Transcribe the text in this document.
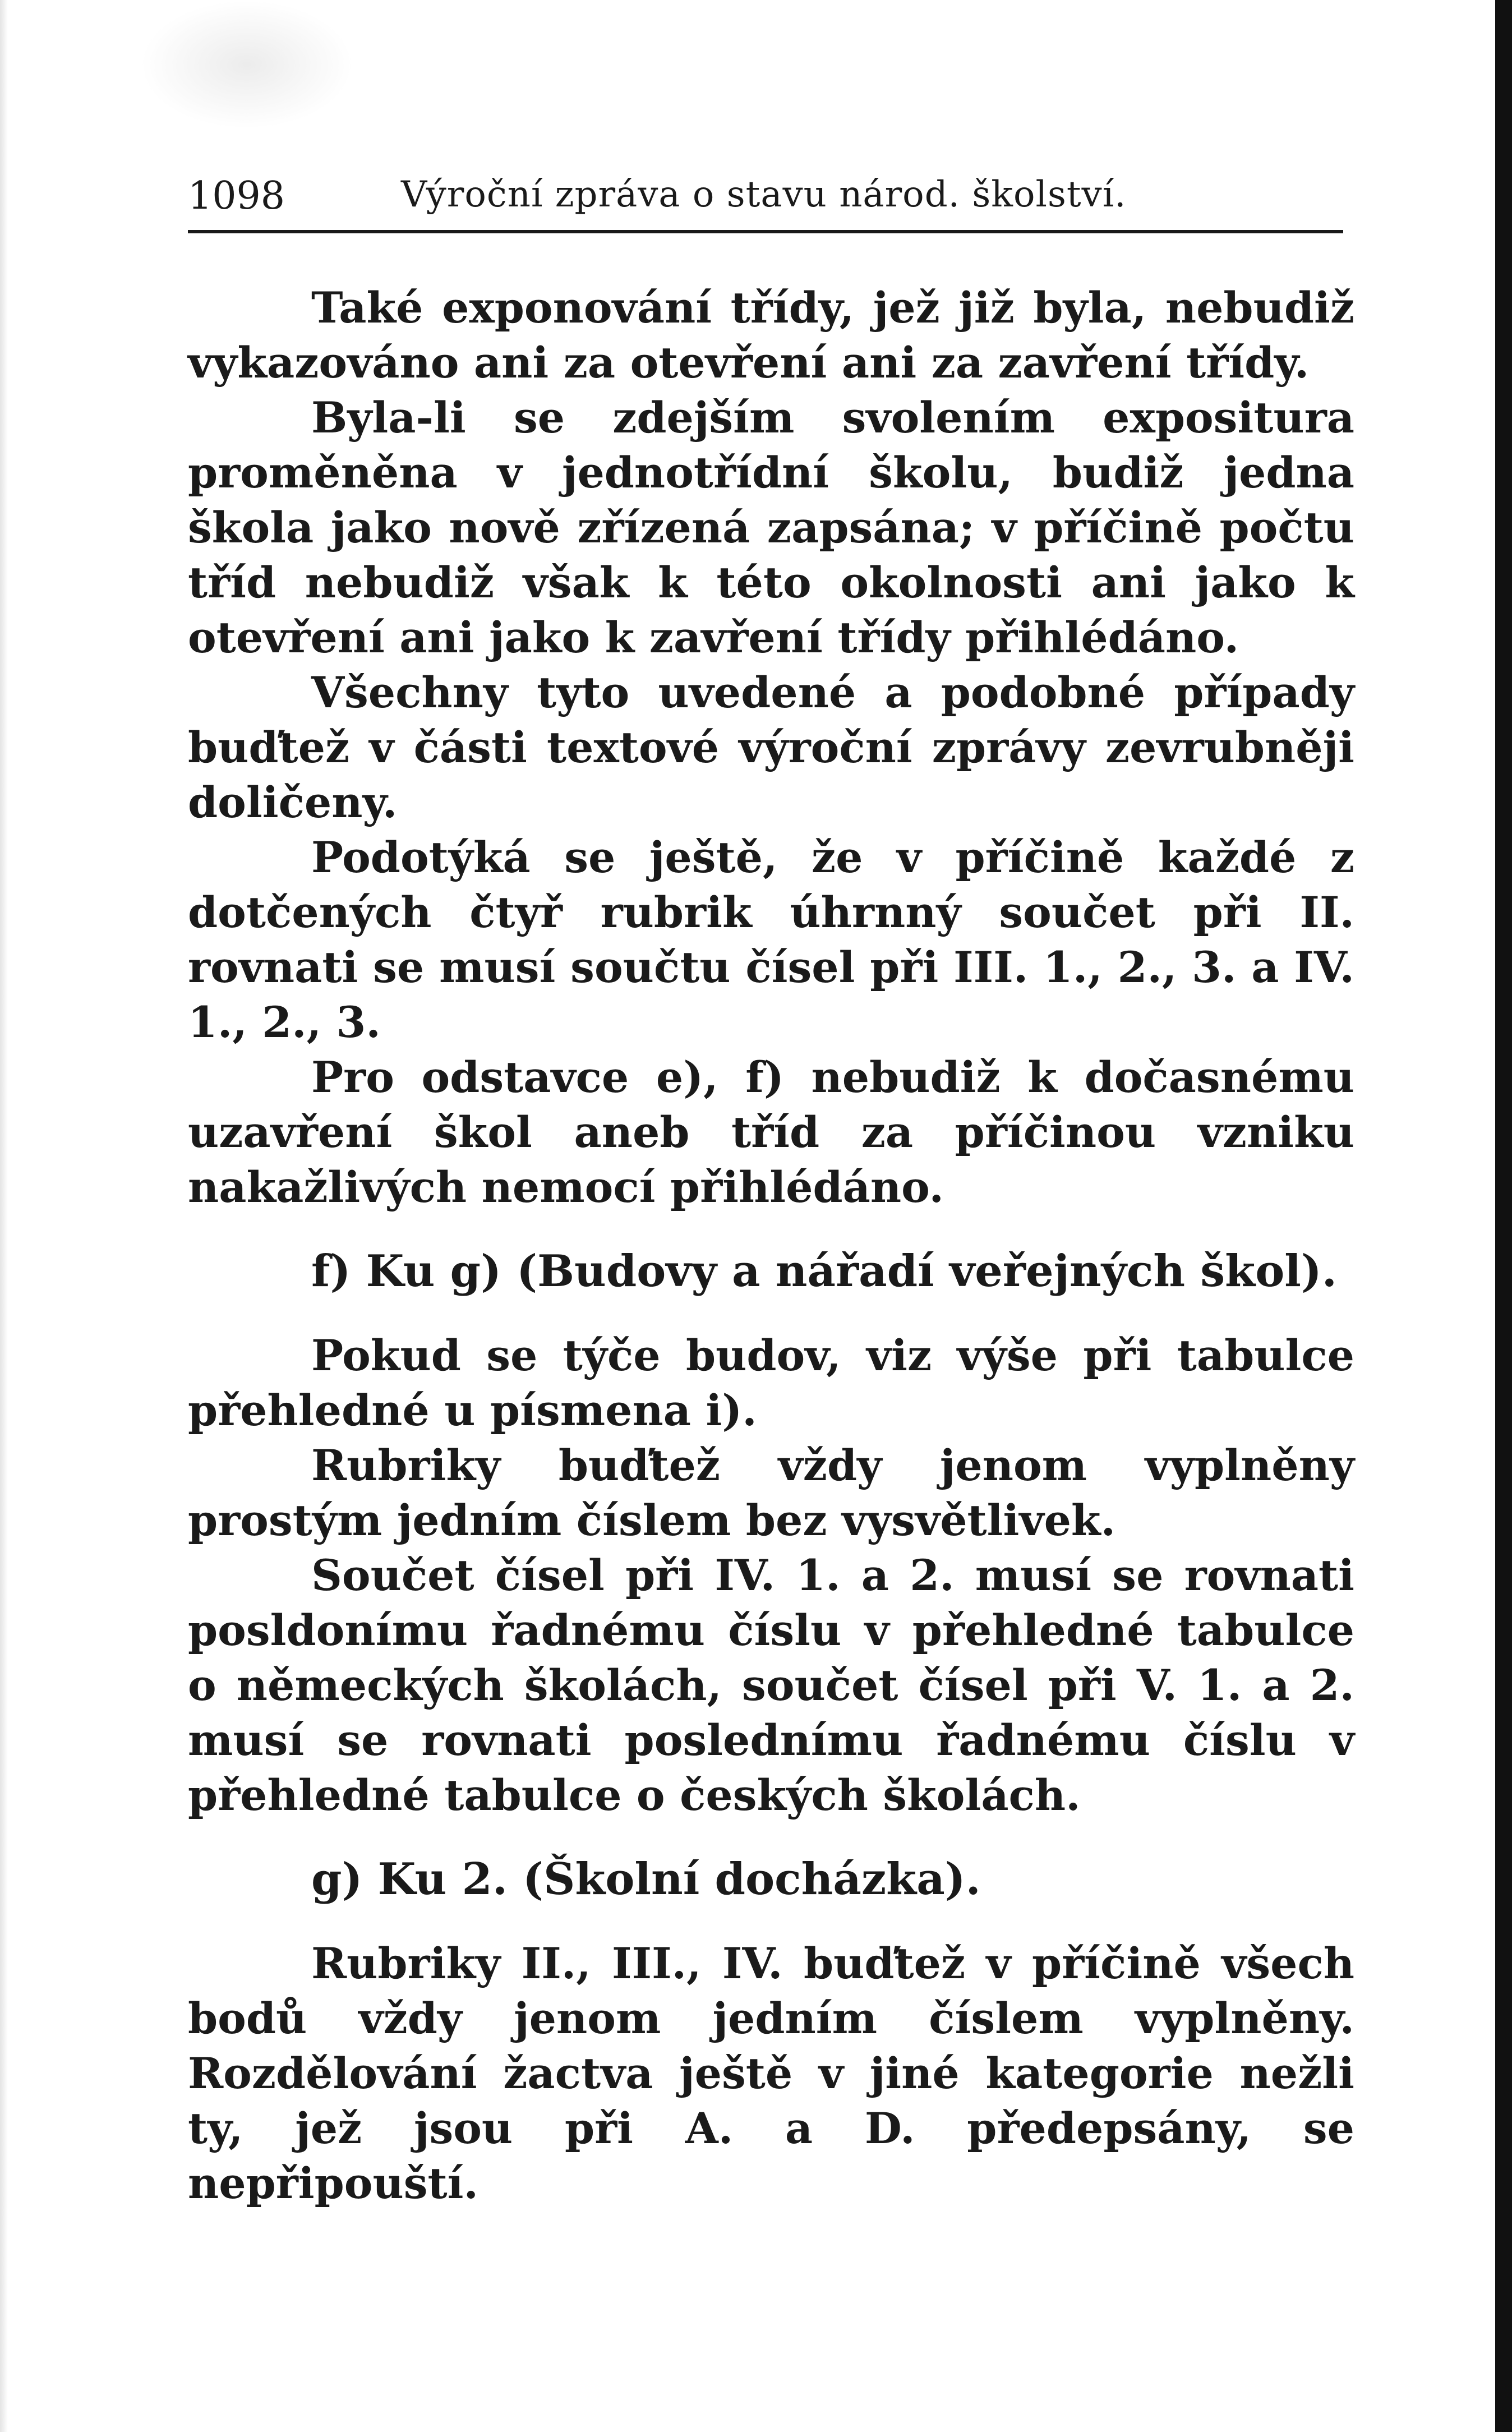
1098	Výroční zpráva o stavu národ. školství.

Také exponování třídy, jež již byla, nebudiž vykazováno ani za otevření ani za zavření třídy.

Byla-li se zdejším svolením expositura proměněna v jednotřídní školu, budiž jedna škola jako nově zřízená zapsána; v příčině počtu tříd nebudiž však k této okolnosti ani jako k otevření ani jako k zavření třídy přihlédáno.

Všechny tyto uvedené a podobné případy buďtež v části textové výroční zprávy zevrubněji doličeny.

Podotýká se ještě, že v příčině každé z dotčených čtyř rubrik úhrnný součet při II. rovnati se musí součtu čísel při III. 1., 2., 3. a IV. 1., 2., 3.

Pro odstavce e), f) nebudiž k dočasnému uzavření škol aneb tříd za příčinou vzniku nakažlivých nemocí přihlédáno.

f) Ku g) (Budovy a nářadí veřejných škol).

Pokud se týče budov, viz výše při tabulce přehledné u písmena i).

Rubriky buďtež vždy jenom vyplněny prostým jedním číslem bez vysvětlivek.

Součet čísel při IV. 1. a 2. musí se rovnati posldonímu řadnému číslu v přehledné tabulce o německých školách, součet čísel při V. 1. a 2. musí se rovnati poslednímu řadnému číslu v přehledné tabulce o českých školách.

g) Ku 2. (Školní docházka).

Rubriky II., III., IV. buďtež v příčině všech bodů vždy jenom jedním číslem vyplněny. Rozdělování žactva ještě v jiné kategorie nežli ty, jež jsou při A. a D. předepsány, se nepřipouští.
